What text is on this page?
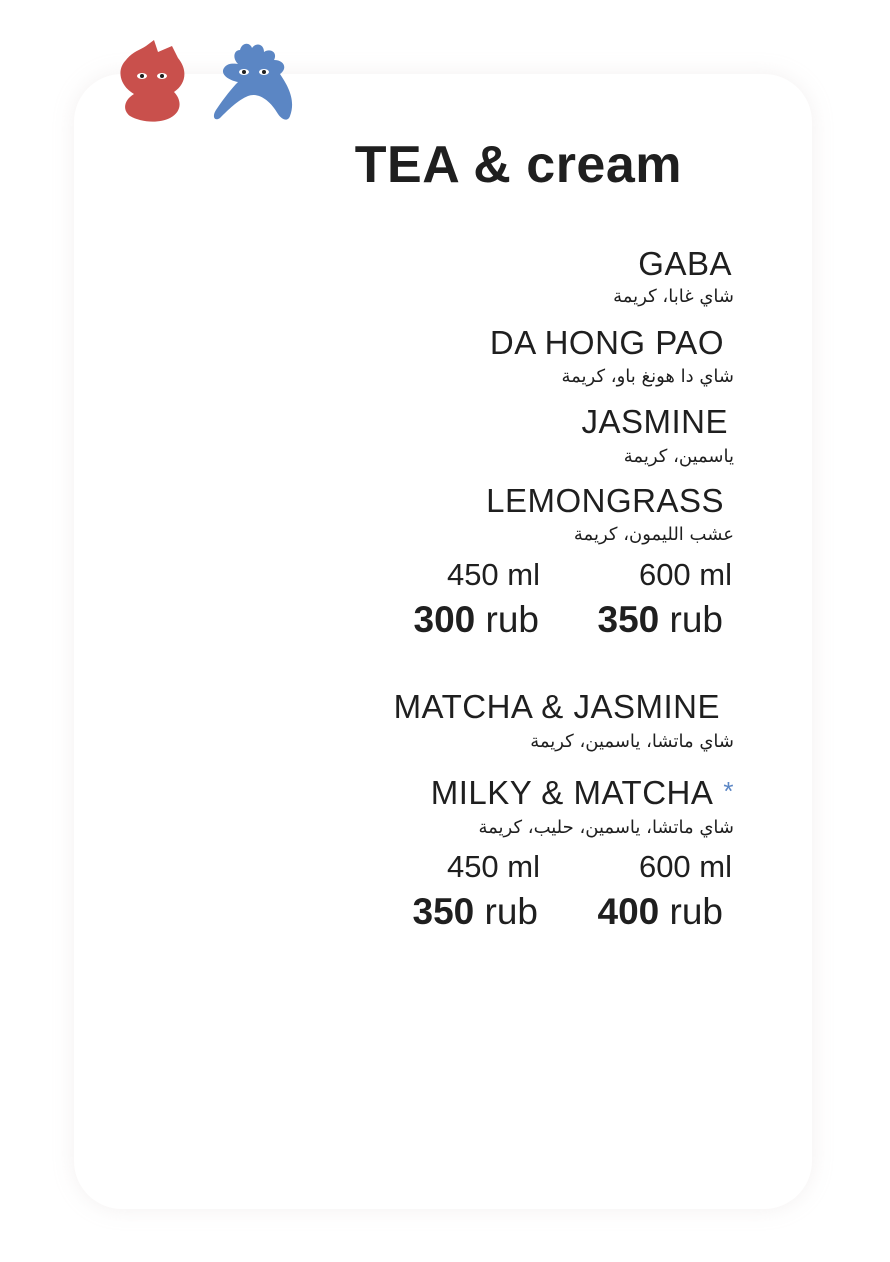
TEA & cream
GABA
شاي غابا، كريمة
DA HONG PAO
شاي دا هونغ باو، كريمة
JASMINE
ياسمين، كريمة
LEMONGRASS
عشب الليمون، كريمة
450 ml	600 ml
300 rub 350 rub
MATCHA & JASMINE
شاي ماتشا، ياسمين، كريمة
MILKY & MATCHA *
شاي ماتشا، ياسمين، حليب، كريمة
450 ml	600 ml
350 rub 400 rub
